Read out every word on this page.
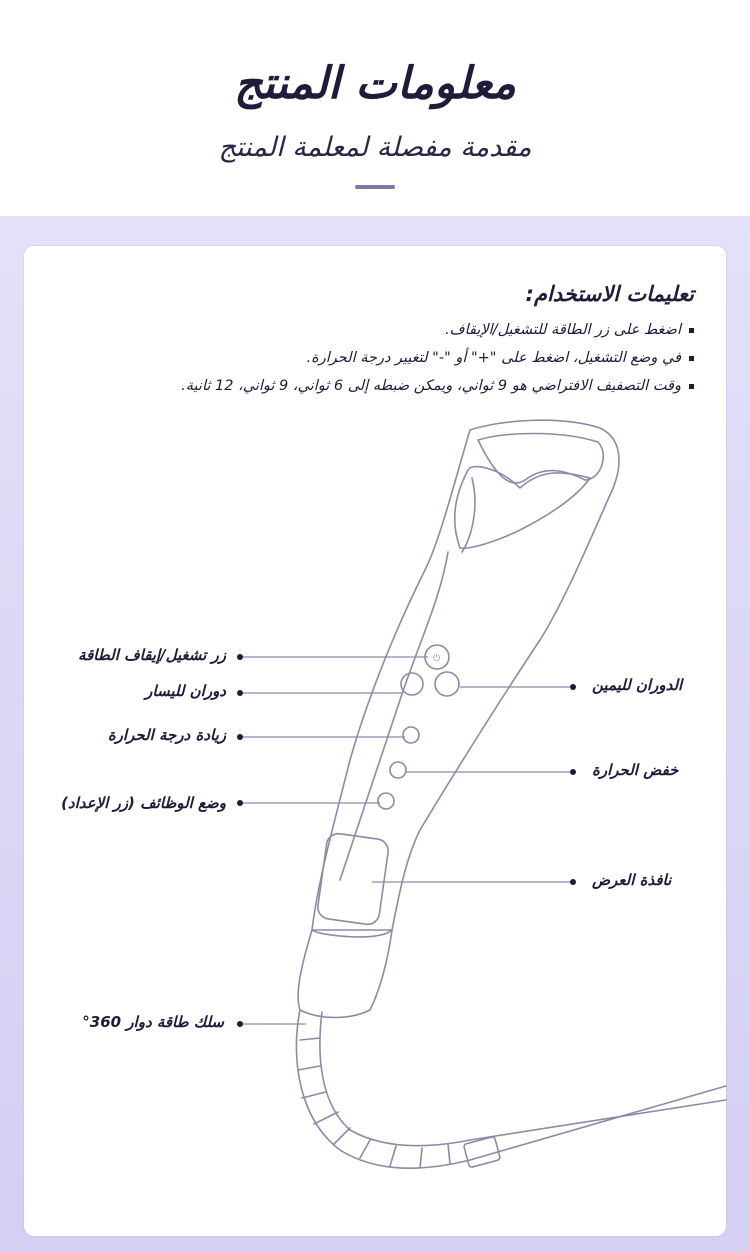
معلومات المنتج
مقدمة مفصلة لمعلمة المنتج
تعليمات الاستخدام:
اضغط على زر الطاقة للتشغيل/الإيقاف.
في وضع التشغيل، اضغط على "+" أو "-" لتغيير درجة الحرارة.
وقت التصفيف الافتراضي هو 9 ثواني، ويمكن ضبطه إلى 6 ثواني، 9 ثواني، 12 ثانية.
⏻
زر تشغيل/إيقاف الطاقة
دوران لليسار
زيادة درجة الحرارة
وضع الوظائف (زر الإعداد)
سلك طاقة دوار 360°
الدوران لليمين
خفض الحرارة
نافذة العرض
